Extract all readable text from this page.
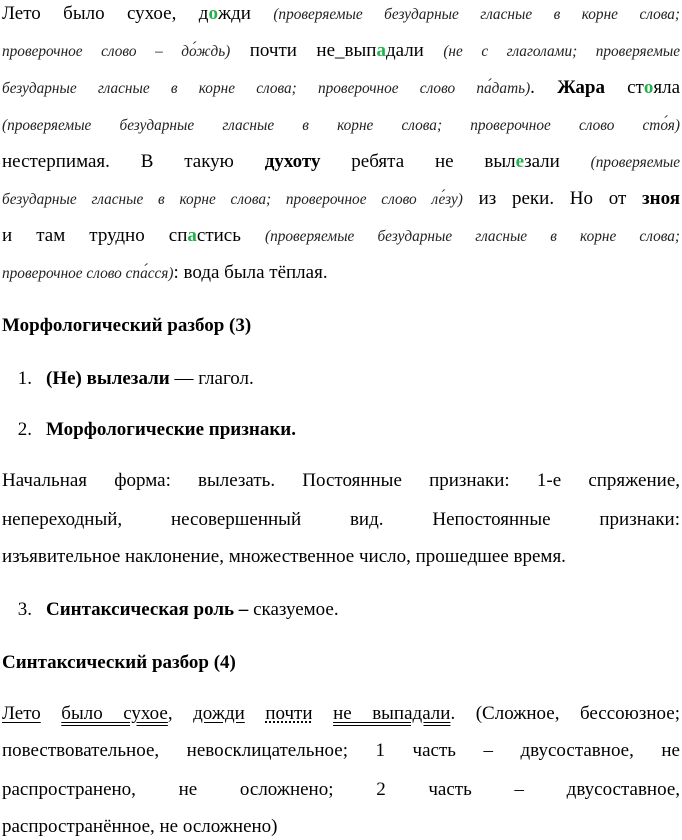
Лето было сухое, дожди (проверяемые безударные гласные в корне слова;
проверочное слово – до́ждь) почти не_выпадали (не с глаголами; проверяемые
безударные гласные в корне слова; проверочное слово па́дать). Жара стояла
(проверяемые безударные гласные в корне слова; проверочное слово сто́я)
нестерпимая. В такую духоту ребята не вылезали (проверяемые
безударные гласные в корне слова; проверочное слово ле́зу) из реки. Но от зноя
и там трудно спастись (проверяемые безударные гласные в корне слова;
проверочное слово спа́сся): вода была тёплая.
Морфологический разбор (3)
1. (Не) вылезали — глагол.
2. Морфологические признаки.
Начальная форма: вылезать. Постоянные признаки: 1-е спряжение,
непереходный, несовершенный вид. Непостоянные признаки:
изъявительное наклонение, множественное число, прошедшее время.
3. Синтаксическая роль – сказуемое.
Синтаксический разбор (4)
Лето было сухое, дожди почти не выпадали. (Сложное, бессоюзное;
повествовательное, невосклицательное; 1 часть – двусоставное, не
распространено, не осложнено; 2 часть – двусоставное,
распространённое, не осложнено)
